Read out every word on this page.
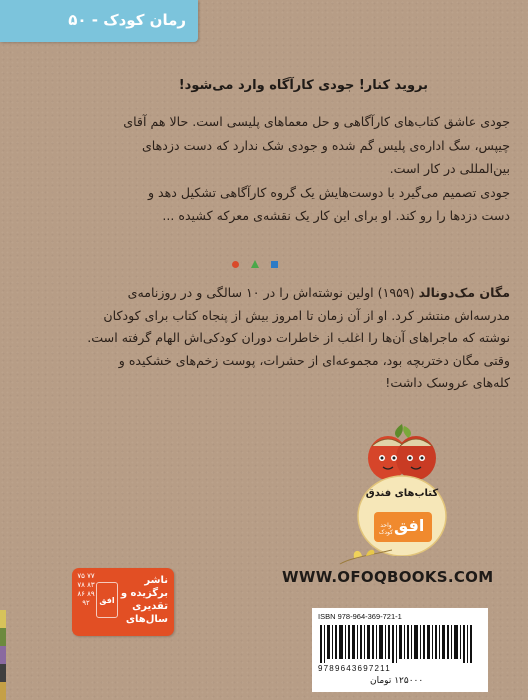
رمان کودک - ۵۰
بروید کنار! جودی کارآگاه وارد می‌شود!

جودی عاشق کتاب‌های کارآگاهی و حل معماهای پلیسی است. حالا هم آقای چیپس، سگ اداره‌ی پلیس گم شده و جودی شک ندارد که دست دزدهای بین‌المللی در کار است.

جودی تصمیم می‌گیرد با دوست‌هایش یک گروه کارآگاهی تشکیل دهد و دست دزدها را رو کند. او برای این کار یک نقشه‌ی معرکه کشیده ...

مگان مک‌دونالد (۱۹۵۹) اولین نوشته‌اش را در ۱۰ سالگی و در روزنامه‌ی مدرسه‌اش منتشر کرد. او از آن زمان تا امروز بیش از پنجاه کتاب برای کودکان نوشته که ماجراهای آن‌ها را اغلب از خاطرات دوران کودکی‌اش الهام گرفته است.

وقتی مگان دختربچه بود، مجموعه‌ای از حشرات، پوست زخم‌های خشکیده و کله‌های عروسک داشت!

کتاب‌های فندق
افق
واحد کودک
WWW.OFOQBOOKS.COM
۷۵ ۷۷ ۷۸ ۸۳ ۸۶ ۸۹ ۹۲	افق
ناشر برگزیده و تقدیری سال‌های	ISBN 978-964-369-721-1
9789643697211
۱۲۵۰۰۰ تومان
